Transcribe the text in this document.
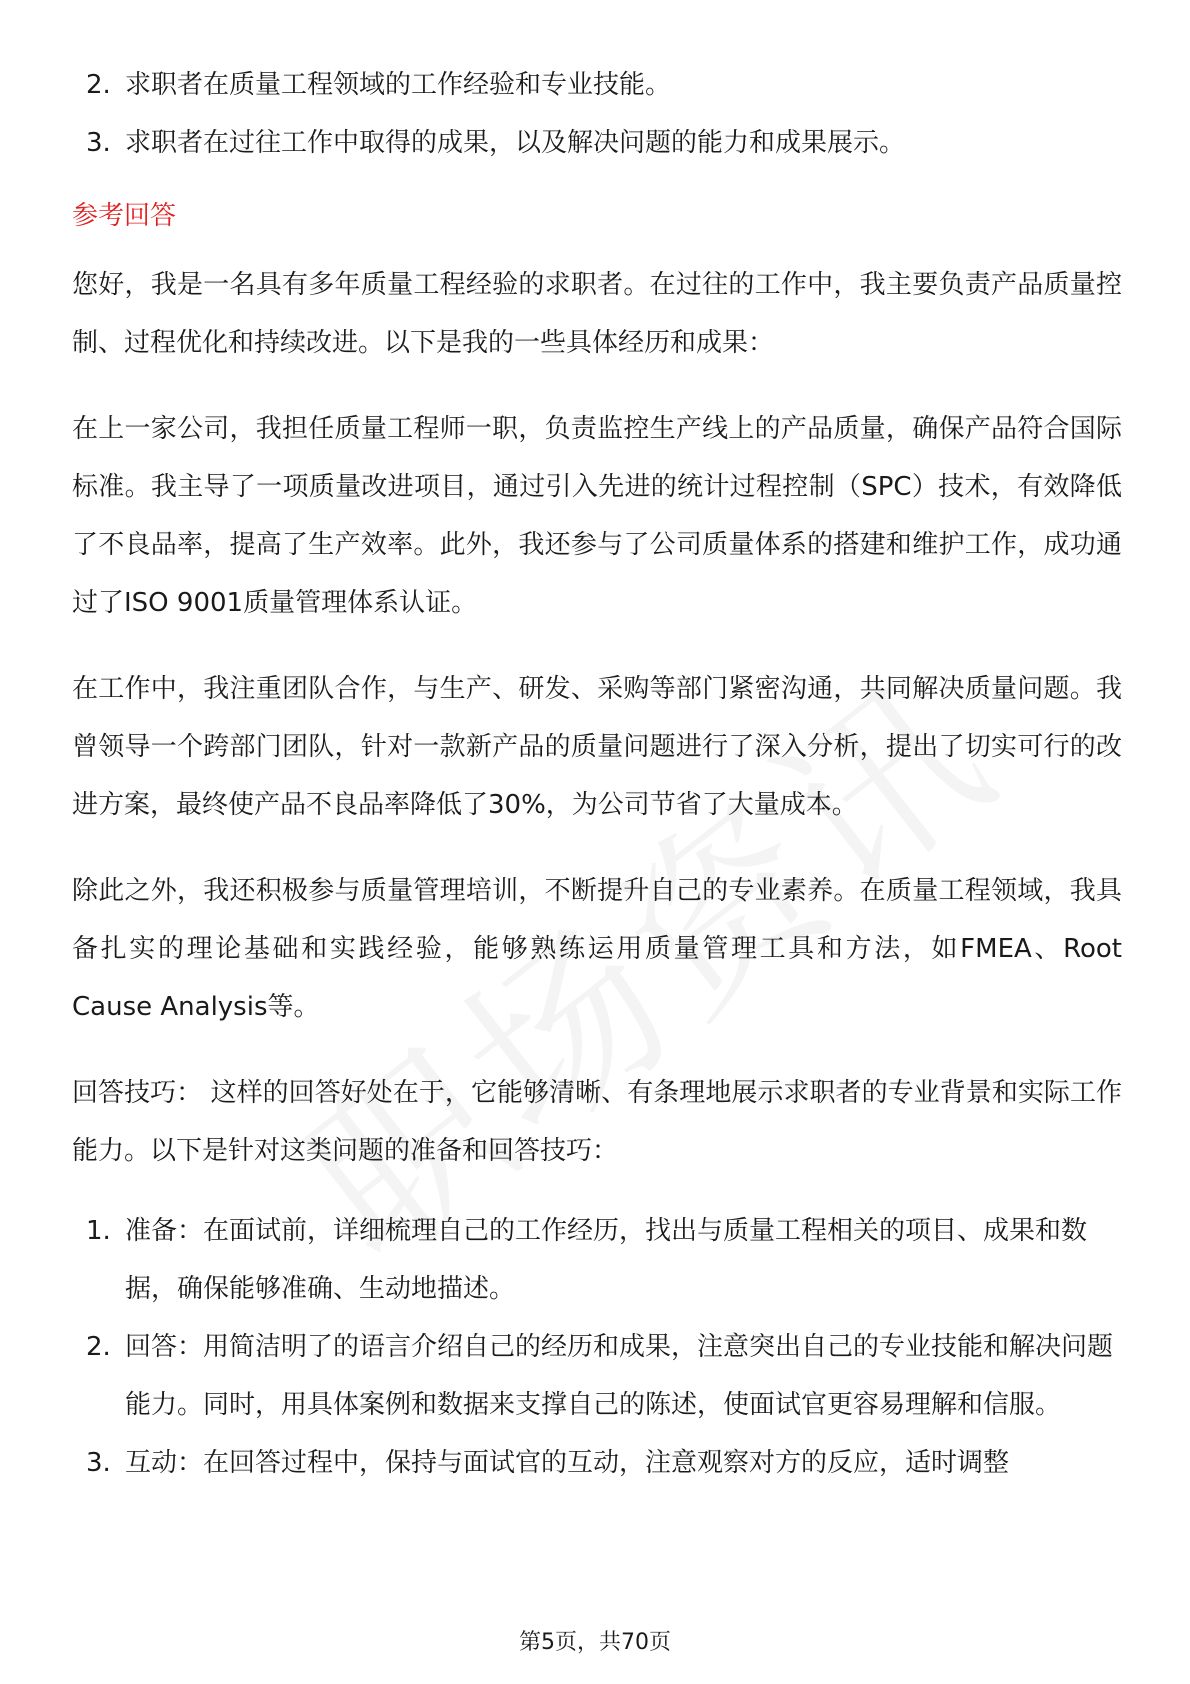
2. 求职者在质量工程领域的工作经验和专业技能。
3. 求职者在过往工作中取得的成果，以及解决问题的能力和成果展示。
参考回答

您好，我是一名具有多年质量工程经验的求职者。在过往的工作中，我主要负责产品质量控制、过程优化和持续改进。以下是我的一些具体经历和成果：

在上一家公司，我担任质量工程师一职，负责监控生产线上的产品质量，确保产品符合国际标准。我主导了一项质量改进项目，通过引入先进的统计过程控制（SPC）技术，有效降低了不良品率，提高了生产效率。此外，我还参与了公司质量体系的搭建和维护工作，成功通过了ISO 9001质量管理体系认证。

在工作中，我注重团队合作，与生产、研发、采购等部门紧密沟通，共同解决质量问题。我曾领导一个跨部门团队，针对一款新产品的质量问题进行了深入分析，提出了切实可行的改进方案，最终使产品不良品率降低了30%，为公司节省了大量成本。

除此之外，我还积极参与质量管理培训，不断提升自己的专业素养。在质量工程领域，我具备扎实的理论基础和实践经验，能够熟练运用质量管理工具和方法，如FMEA、Root Cause Analysis等。

回答技巧： 这样的回答好处在于，它能够清晰、有条理地展示求职者的专业背景和实际工作能力。以下是针对这类问题的准备和回答技巧：

1. 准备：在面试前，详细梳理自己的工作经历，找出与质量工程相关的项目、成果和数据，确保能够准确、生动地描述。
2. 回答：用简洁明了的语言介绍自己的经历和成果，注意突出自己的专业技能和解决问题能力。同时，用具体案例和数据来支撑自己的陈述，使面试官更容易理解和信服。
3. 互动：在回答过程中，保持与面试官的互动，注意观察对方的反应，适时调整
第5页，共70页
